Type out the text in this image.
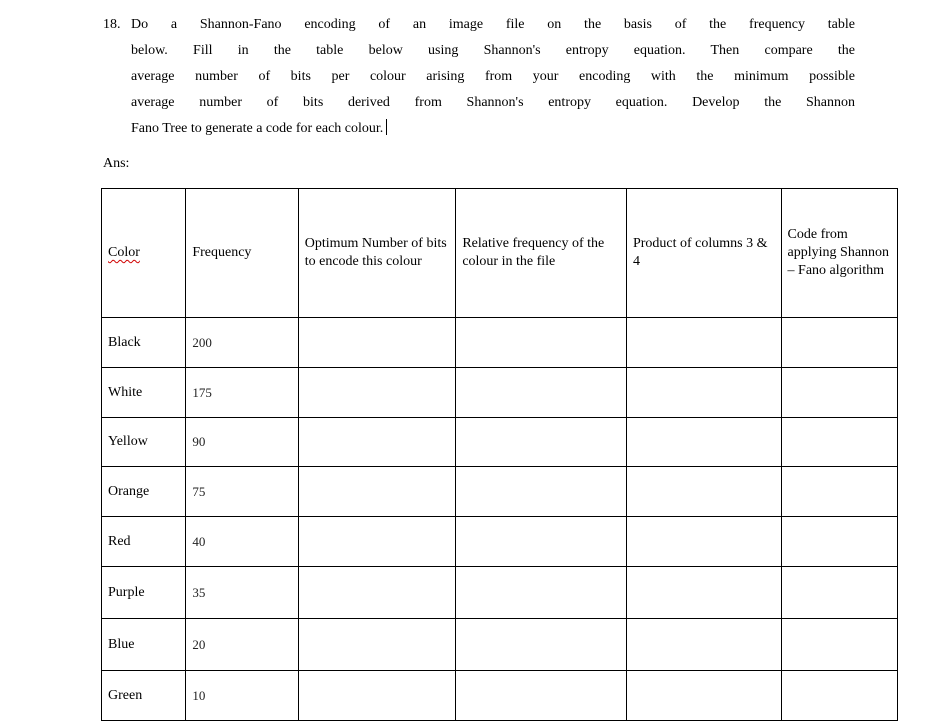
18. Do a Shannon-Fano encoding of an image file on the basis of the frequency table
below. Fill in the table below using Shannon's entropy equation. Then compare the
average number of bits per colour arising from your encoding with the minimum possible
average number of bits derived from Shannon's entropy equation. Develop the Shannon
Fano Tree to generate a code for each colour.
Ans:
Color	Frequency	Optimum Number of bits to encode this colour	Relative frequency of the colour in the file	Product of columns 3 & 4	Code from applying Shannon – Fano algorithm
Black	200				
White	175				
Yellow	90				
Orange	75				
Red	40				
Purple	35				
Blue	20				
Green	10				
